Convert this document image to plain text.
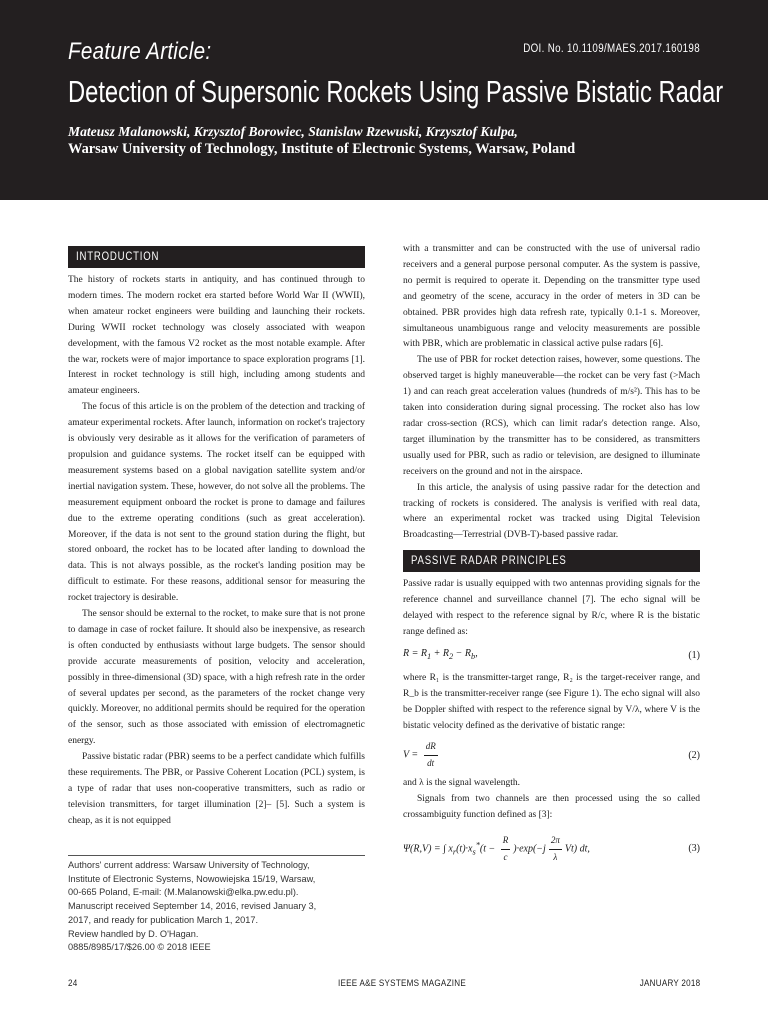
Feature Article:	DOI. No. 10.1109/MAES.2017.160198
Detection of Supersonic Rockets Using Passive Bistatic Radar
Mateusz Malanowski, Krzysztof Borowiec, Stanislaw Rzewuski, Krzysztof Kulpa,
Warsaw University of Technology, Institute of Electronic Systems, Warsaw, Poland
INTRODUCTION

The history of rockets starts in antiquity, and has continued through to modern times. The modern rocket era started before World War II (WWII), when amateur rocket engineers were building and launching their rockets. During WWII rocket technology was closely associated with weapon development, with the famous V2 rocket as the most notable example. After the war, rockets were of major importance to space exploration programs [1]. Interest in rocket technology is still high, including among students and amateur engineers.

The focus of this article is on the problem of the detection and tracking of amateur experimental rockets. After launch, information on rocket's trajectory is obviously very desirable as it allows for the verification of parameters of propulsion and guidance systems. The rocket itself can be equipped with measurement systems based on a global navigation satellite system and/or inertial navigation system. These, however, do not solve all the problems. The measurement equipment onboard the rocket is prone to damage and failures due to the extreme operating conditions (such as great acceleration). Moreover, if the data is not sent to the ground station during the flight, but stored onboard, the rocket has to be located after landing to download the data. This is not always possible, as the rocket's landing position may be difficult to estimate. For these reasons, additional sensor for measuring the rocket trajectory is desirable.

The sensor should be external to the rocket, to make sure that is not prone to damage in case of rocket failure. It should also be inexpensive, as research is often conducted by enthusiasts without large budgets. The sensor should provide accurate measurements of position, velocity and acceleration, possibly in three-dimensional (3D) space, with a high refresh rate in the order of several updates per second, as the parameters of the rocket change very quickly. Moreover, no additional permits should be required for the operation of the sensor, such as those associated with emission of electromagnetic energy.

Passive bistatic radar (PBR) seems to be a perfect candidate which fulfills these requirements. The PBR, or Passive Coherent Location (PCL) system, is a type of radar that uses non-cooperative transmitters, such as radio or television transmitters, for target illumination [2]– [5]. Such a system is cheap, as it is not equipped

Authors' current address: Warsaw University of Technology,
Institute of Electronic Systems, Nowowiejska 15/19, Warsaw,
00-665 Poland, E-mail: (M.Malanowski@elka.pw.edu.pl).
Manuscript received September 14, 2016, revised January 3,
2017, and ready for publication March 1, 2017.
Review handled by D. O'Hagan.
0885/8985/17/$26.00 © 2018 IEEE

with a transmitter and can be constructed with the use of universal radio receivers and a general purpose personal computer. As the system is passive, no permit is required to operate it. Depending on the transmitter type used and geometry of the scene, accuracy in the order of meters in 3D can be obtained. PBR provides high data refresh rate, typically 0.1-1 s. Moreover, simultaneous unambiguous range and velocity measurements are possible with PBR, which are problematic in classical active pulse radars [6].

The use of PBR for rocket detection raises, however, some questions. The observed target is highly maneuverable—the rocket can be very fast (>Mach 1) and can reach great acceleration values (hundreds of m/s²). This has to be taken into consideration during signal processing. The rocket also has low radar cross-section (RCS), which can limit radar's detection range. Also, target illumination by the transmitter has to be considered, as transmitters usually used for PBR, such as radio or television, are designed to illuminate receivers on the ground and not in the airspace.

In this article, the analysis of using passive radar for the detection and tracking of rockets is considered. The analysis is verified with real data, where an experimental rocket was tracked using Digital Television Broadcasting—Terrestrial (DVB-T)-based passive radar.

PASSIVE RADAR PRINCIPLES

Passive radar is usually equipped with two antennas providing signals for the reference channel and surveillance channel [7]. The echo signal will be delayed with respect to the reference signal by R/c, where R is the bistatic range defined as:

$R = R_1 + R_2 - R_b$,	(1)

where R₁ is the transmitter-target range, R₂ is the target-receiver range, and R_b is the transmitter-receiver range (see Figure 1). The echo signal will also be Doppler shifted with respect to the reference signal by V/λ, where V is the bistatic velocity defined as the derivative of bistatic range:

$V = \frac{dR}{dt}$	(2)

and λ is the signal wavelength.

Signals from two channels are then processed using the so called crossambiguity function defined as [3]:

Ψ(R,V) = ∫ $x_r(t)\cdot x_s^*(t - \frac{R}{c} )\cdot\exp(-j \frac{2\pi}{\lambda} Vt)$ dt,	(3)
24	IEEE A&E SYSTEMS MAGAZINE	JANUARY 2018
